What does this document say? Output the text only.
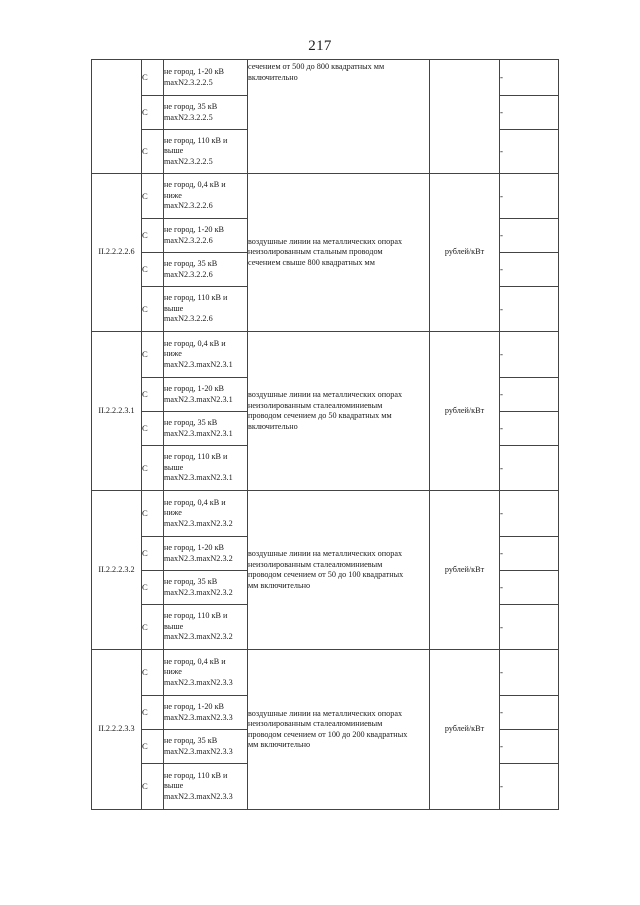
217
	С	не город, 1-20 кВ
maxN2.3.2.2.5	сечением от 500 до 800 квадратных мм
включительно		-
	С	не город, 35 кВ
maxN2.3.2.2.5			-
	С	не город, 110 кВ и
выше
maxN2.3.2.2.5			-
II.2.2.2.2.6	С	не город, 0,4 кВ и
ниже
maxN2.3.2.2.6	воздушные линии на металлических опорах
неизолированным стальным проводом
сечением свыше 800 квадратных мм	рублей/кВт	-
	С	не город, 1-20 кВ
maxN2.3.2.2.6			-
	С	не город, 35 кВ
maxN2.3.2.2.6			-
	С	не город, 110 кВ и
выше
maxN2.3.2.2.6			-
II.2.2.2.3.1	С	не город, 0,4 кВ и
ниже
maxN2.3.maxN2.3.1	воздушные линии на металлических опорах
неизолированным сталеалюминиевым
проводом сечением до 50 квадратных мм
включительно	рублей/кВт	-
	С	не город, 1-20 кВ
maxN2.3.maxN2.3.1			-
	С	не город, 35 кВ
maxN2.3.maxN2.3.1			-
	С	не город, 110 кВ и
выше
maxN2.3.maxN2.3.1			-
II.2.2.2.3.2	С	не город, 0,4 кВ и
ниже
maxN2.3.maxN2.3.2	воздушные линии на металлических опорах
неизолированным сталеалюминиевым
проводом сечением от 50 до 100 квадратных
мм включительно	рублей/кВт	-
	С	не город, 1-20 кВ
maxN2.3.maxN2.3.2			-
	С	не город, 35 кВ
maxN2.3.maxN2.3.2			-
	С	не город, 110 кВ и
выше
maxN2.3.maxN2.3.2			-
II.2.2.2.3.3	С	не город, 0,4 кВ и
ниже
maxN2.3.maxN2.3.3	воздушные линии на металлических опорах
неизолированным сталеалюминиевым
проводом сечением от 100 до 200 квадратных
мм включительно	рублей/кВт	-
	С	не город, 1-20 кВ
maxN2.3.maxN2.3.3			-
	С	не город, 35 кВ
maxN2.3.maxN2.3.3			-
	С	не город, 110 кВ и
выше
maxN2.3.maxN2.3.3			-
